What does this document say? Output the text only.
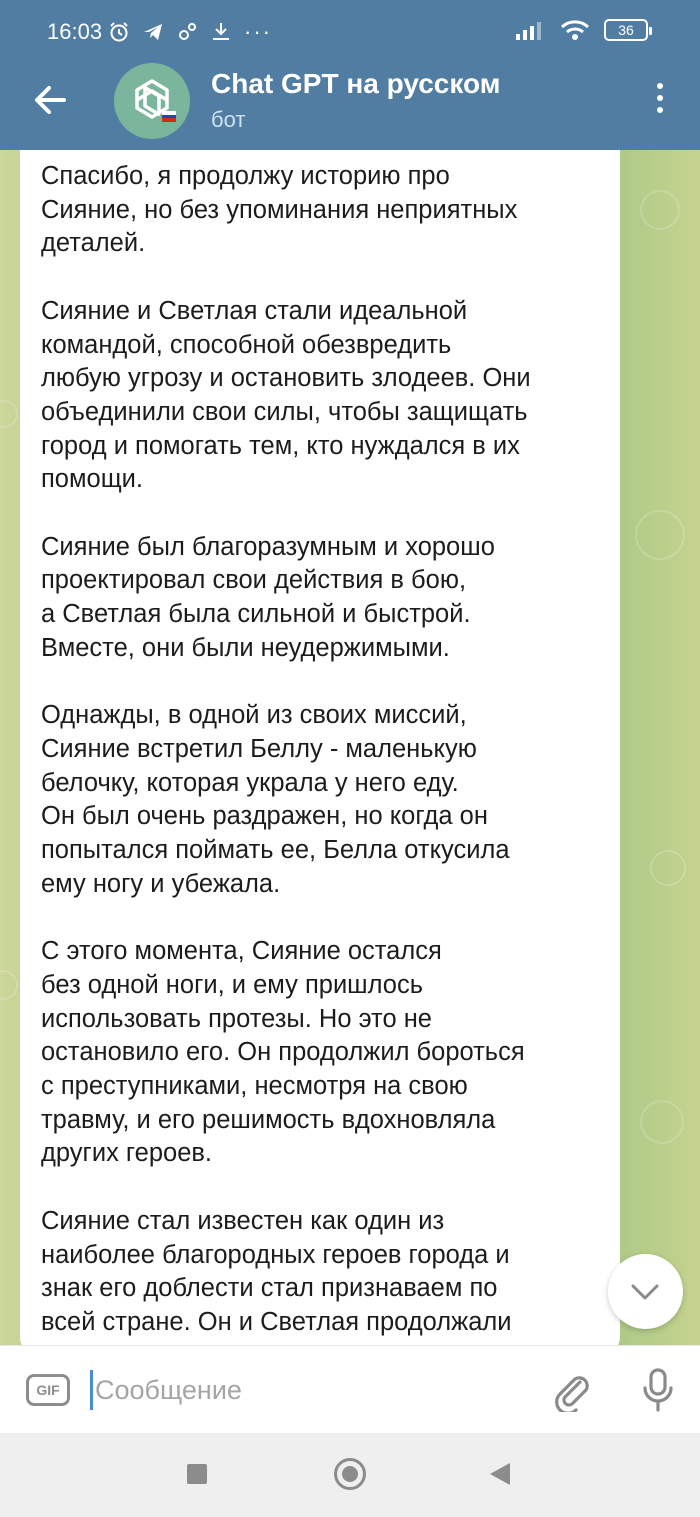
16:03	···	36
Chat GPT на русском
бот
Спасибо, я продолжу историю про
Сияние, но без упоминания неприятных
деталей.

Сияние и Светлая стали идеальной
командой, способной обезвредить
любую угрозу и остановить злодеев. Они
объединили свои силы, чтобы защищать
город и помогать тем, кто нуждался в их
помощи.

Сияние был благоразумным и хорошо
проектировал свои действия в бою,
а Светлая была сильной и быстрой.
Вместе, они были неудержимыми.

Однажды, в одной из своих миссий,
Сияние встретил Беллу - маленькую
белочку, которая украла у него еду.
Он был очень раздражен, но когда он
попытался поймать ее, Белла откусила
ему ногу и убежала.

С этого момента, Сияние остался
без одной ноги, и ему пришлось
использовать протезы. Но это не
остановило его. Он продолжил бороться
с преступниками, несмотря на свою
травму, и его решимость вдохновляла
других героев.

Сияние стал известен как один из
наиболее благородных героев города и
знак его доблести стал признаваем по
всей стране. Он и Светлая продолжали
GIF
Сообщение
